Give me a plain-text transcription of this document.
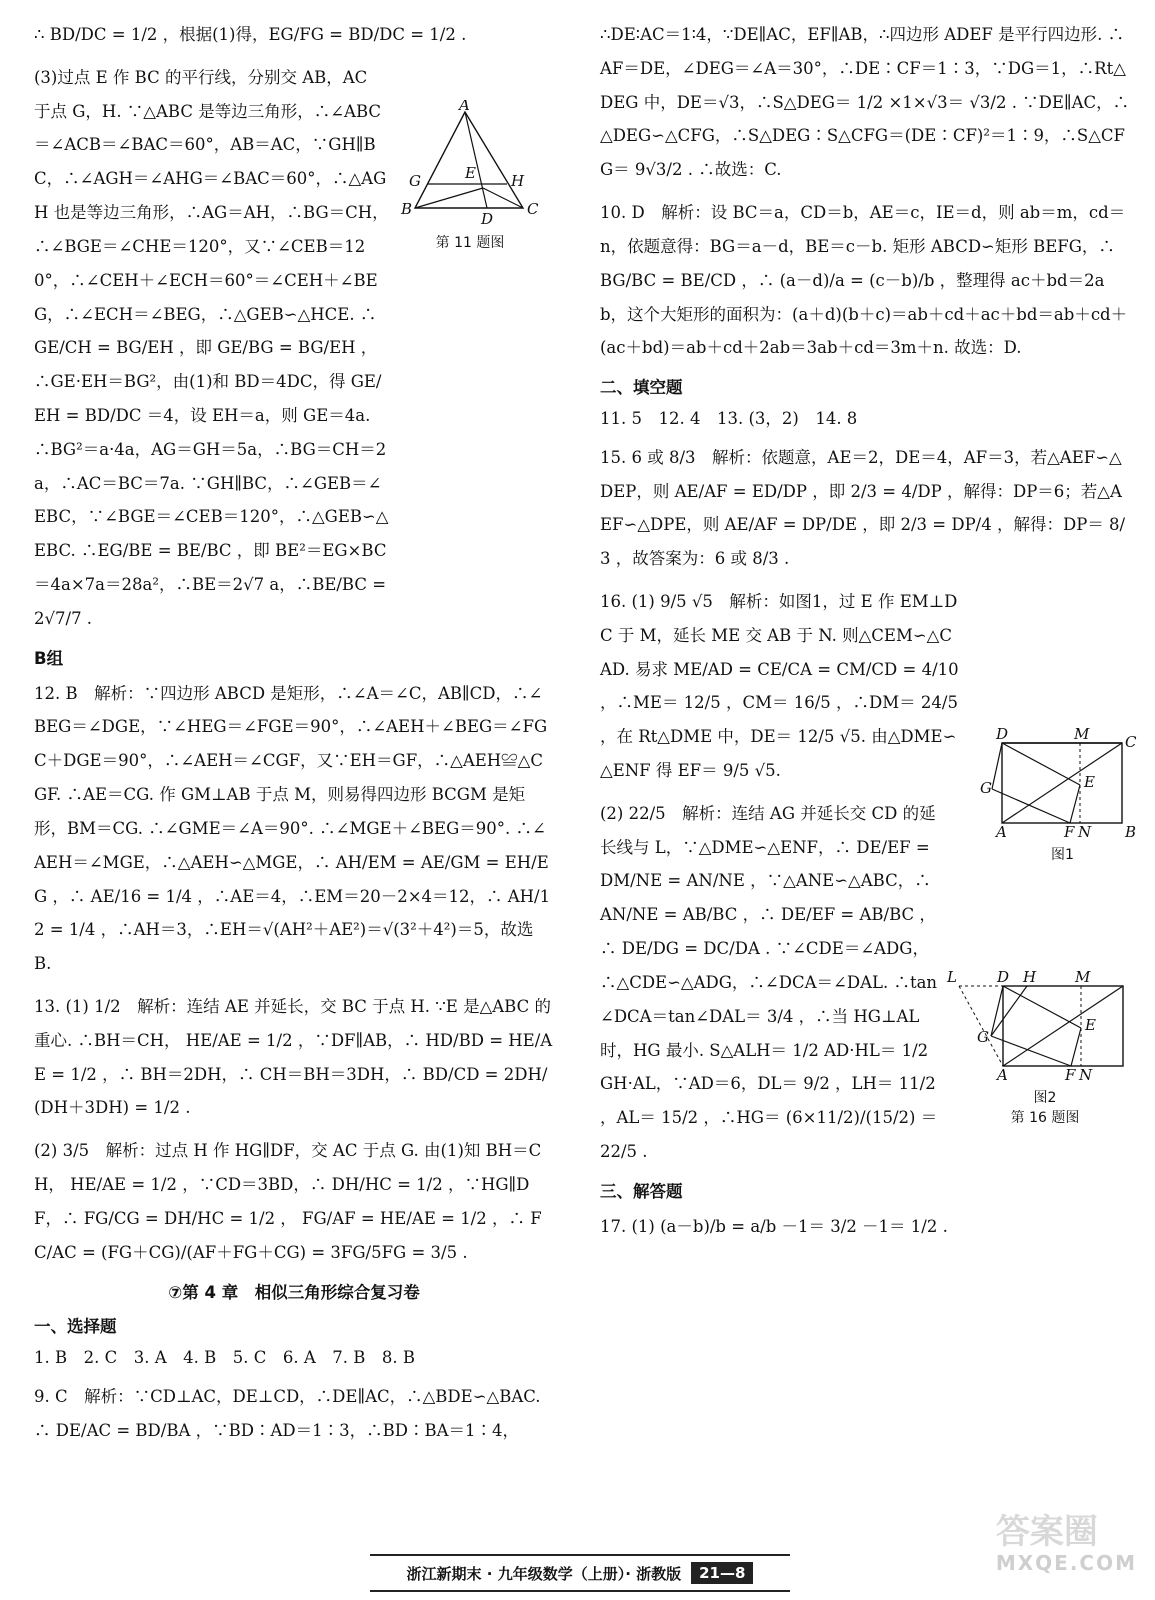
∴ BD/DC = 1/2 ，根据(1)得，EG/FG = BD/DC = 1/2 .

(3)过点 E 作 BC 的平行线，分别交 AB，AC 于点 G，H. ∵△ABC 是等边三角形，∴∠ABC＝∠ACB＝∠BAC＝60°，AB＝AC，∵GH∥BC，∴∠AGH＝∠AHG＝∠BAC＝60°，∴△AGH 也是等边三角形，∴AG＝AH，∴BG＝CH，∴∠BGE＝∠CHE＝120°，又∵∠CEB＝120°，∴∠CEH＋∠ECH＝60°＝∠CEH＋∠BEG，∴∠ECH＝∠BEG，∴△GEB∽△HCE. ∴GE/CH = BG/EH ，即 GE/BG = BG/EH ，∴GE·EH＝BG²，由(1)和 BD＝4DC，得 GE/EH = BD/DC ＝4，设 EH＝a，则 GE＝4a. ∴BG²＝a·4a，AG＝GH＝5a，∴BG＝CH＝2a，∴AC＝BC＝7a. ∵GH∥BC，∴∠GEB＝∠EBC，∵∠BGE＝∠CEB＝120°，∴△GEB∽△EBC. ∴EG/BE = BE/BC ，即 BE²＝EG×BC＝4a×7a＝28a²，∴BE＝2√7 a，∴BE/BC = 2√7/7 .

B组

12. B　解析：∵四边形 ABCD 是矩形，∴∠A＝∠C，AB∥CD，∴∠BEG＝∠DGE，∵∠HEG＝∠FGE＝90°，∴∠AEH＋∠BEG＝∠FGC＋DGE＝90°，∴∠AEH＝∠CGF，又∵EH＝GF，∴△AEH≌△CGF. ∴AE＝CG. 作 GM⊥AB 于点 M，则易得四边形 BCGM 是矩形，BM＝CG. ∴∠GME＝∠A＝90°. ∴∠MGE＋∠BEG＝90°. ∴∠AEH＝∠MGE，∴△AEH∽△MGE，∴ AH/EM = AE/GM = EH/EG ，∴ AE/16 = 1/4 ，∴AE＝4，∴EM＝20－2×4＝12，∴ AH/12 = 1/4 ，∴AH＝3，∴EH＝√(AH²＋AE²)＝√(3²＋4²)＝5，故选 B.

13. (1) 1/2　解析：连结 AE 并延长，交 BC 于点 H. ∵E 是△ABC 的重心. ∴BH＝CH， HE/AE = 1/2 ，∵DF∥AB，∴ HD/BD = HE/AE = 1/2 ，∴ BH＝2DH，∴ CH＝BH＝3DH，∴ BD/CD = 2DH/(DH＋3DH) = 1/2 .

(2) 3/5　解析：过点 H 作 HG∥DF，交 AC 于点 G. 由(1)知 BH＝CH， HE/AE = 1/2 ，∵CD＝3BD，∴ DH/HC = 1/2 ，∵HG∥DF，∴ FG/CG = DH/HC = 1/2 ， FG/AF = HE/AE = 1/2 ，∴ FC/AC = (FG＋CG)/(AF＋FG＋CG) = 3FG/5FG = 3/5 .

⑦第 4 章　相似三角形综合复习卷

一、选择题

1. B　2. C　3. A　4. B　5. C　6. A　7. B　8. B

9. C　解析：∵CD⊥AC，DE⊥CD，∴DE∥AC，∴△BDE∽△BAC. ∴ DE/AC = BD/BA ，∵BD∶AD＝1∶3，∴BD∶BA＝1∶4，

∴DE∶AC＝1∶4，∵DE∥AC，EF∥AB，∴四边形 ADEF 是平行四边形. ∴AF＝DE，∠DEG＝∠A＝30°，∴DE∶CF＝1∶3，∵DG＝1，∴Rt△DEG 中，DE＝√3，∴S△DEG＝ 1/2 ×1×√3＝ √3/2 . ∵DE∥AC，∴△DEG∽△CFG，∴S△DEG∶S△CFG＝(DE∶CF)²＝1∶9，∴S△CFG＝ 9√3/2 . ∴故选：C.

10. D　解析：设 BC＝a，CD＝b，AE＝c，IE＝d，则 ab＝m，cd＝n，依题意得：BG＝a－d，BE＝c－b. 矩形 ABCD∽矩形 BEFG，∴ BG/BC = BE/CD ，∴ (a－d)/a = (c－b)/b ，整理得 ac＋bd＝2ab，这个大矩形的面积为：(a＋d)(b＋c)＝ab＋cd＋ac＋bd＝ab＋cd＋(ac＋bd)＝ab＋cd＋2ab＝3ab＋cd＝3m＋n. 故选：D.

二、填空题

11. 5　12. 4　13. (3，2)　14. 8

15. 6 或 8/3　解析：依题意，AE＝2，DE＝4，AF＝3，若△AEF∽△DEP，则 AE/AF = ED/DP ，即 2/3 = 4/DP ，解得：DP＝6；若△AEF∽△DPE，则 AE/AF = DP/DE ，即 2/3 = DP/4 ，解得：DP＝ 8/3 ，故答案为：6 或 8/3 .

16. (1) 9/5 √5　解析：如图1，过 E 作 EM⊥DC 于 M，延长 ME 交 AB 于 N. 则△CEM∽△CAD. 易求 ME/AD = CE/CA = CM/CD = 4/10 ，∴ME＝ 12/5 ，CM＝ 16/5 ，∴DM＝ 24/5 ，在 Rt△DME 中，DE＝ 12/5 √5. 由△DME∽△ENF 得 EF＝ 9/5 √5.

(2) 22/5　解析：连结 AG 并延长交 CD 的延长线与 L，∵△DME∽△ENF，∴ DE/EF = DM/NE = AN/NE ，∵△ANE∽△ABC，∴ AN/NE = AB/BC ，∴ DE/EF = AB/BC ，∴ DE/DG = DC/DA . ∵∠CDE＝∠ADG，∴△CDE∽△ADG，∴∠DCA＝∠DAL. ∴tan∠DCA＝tan∠DAL＝ 3/4 ，∴当 HG⊥AL 时，HG 最小. S△ALH＝ 1/2 AD·HL＝ 1/2 GH·AL，∵AD＝6，DL＝ 9/2 ，LH＝ 11/2 ，AL＝ 15/2 ，∴HG＝ (6×11/2)/(15/2) ＝ 22/5 .

三、解答题

17. (1) (a－b)/b = a/b －1＝ 3/2 －1＝ 1/2 .

A
G	E H
B
D
C
第 11 题图
D	M C
G	E
A	F N B
图1
L	D H	M
G
E
A	F N
图2
第 16 题图
浙江新期末 · 九年级数学（上册）· 浙教版	21—8
答案圈
MXQE.COM
